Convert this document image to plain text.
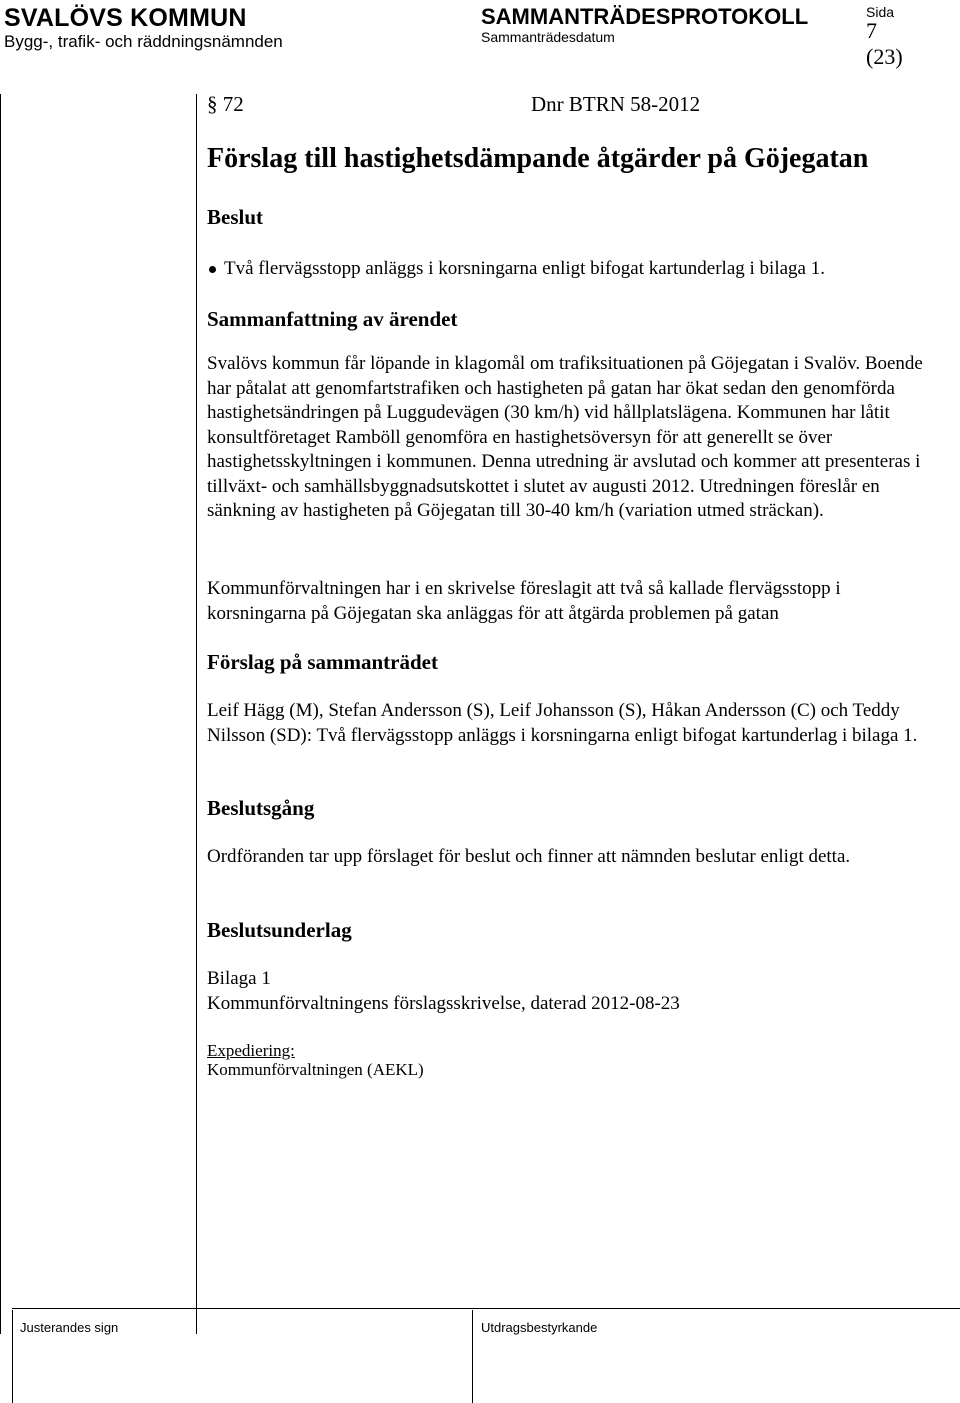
SVALÖVS KOMMUN
Bygg-, trafik- och räddningsnämnden
SAMMANTRÄDESPROTOKOLL
Sammanträdesdatum
Sida
7
(23)
§ 72	Dnr BTRN 58-2012
Förslag till hastighetsdämpande åtgärder på Göjegatan
Beslut
Två flervägsstopp anläggs i korsningarna enligt bifogat kartunderlag i bilaga 1.
Sammanfattning av ärendet
Svalövs kommun får löpande in klagomål om trafiksituationen på Göjegatan i Svalöv. Boende har påtalat att genomfartstrafiken och hastigheten på gatan har ökat sedan den genomförda hastighetsändringen på Luggudevägen (30 km/h) vid hållplatslägena. Kommunen har låtit konsultföretaget Ramböll genomföra en hastighetsöversyn för att generellt se över hastighetsskyltningen i kommunen. Denna utredning är avslutad och kommer att presenteras i tillväxt- och samhällsbyggnadsutskottet i slutet av augusti 2012. Utredningen föreslår en sänkning av hastigheten på Göjegatan till 30-40 km/h (variation utmed sträckan).
Kommunförvaltningen har i en skrivelse föreslagit att två så kallade flervägsstopp i korsningarna på Göjegatan ska anläggas för att åtgärda problemen på gatan
Förslag på sammanträdet
Leif Hägg (M), Stefan Andersson (S), Leif Johansson (S), Håkan Andersson (C) och Teddy Nilsson (SD): Två flervägsstopp anläggs i korsningarna enligt bifogat kartunderlag i bilaga 1.
Beslutsgång
Ordföranden tar upp förslaget för beslut och finner att nämnden beslutar enligt detta.
Beslutsunderlag
Bilaga 1
Kommunförvaltningens förslagsskrivelse, daterad 2012-08-23
Expediering:
Kommunförvaltningen (AEKL)
Justerandes sign	Utdragsbestyrkande
